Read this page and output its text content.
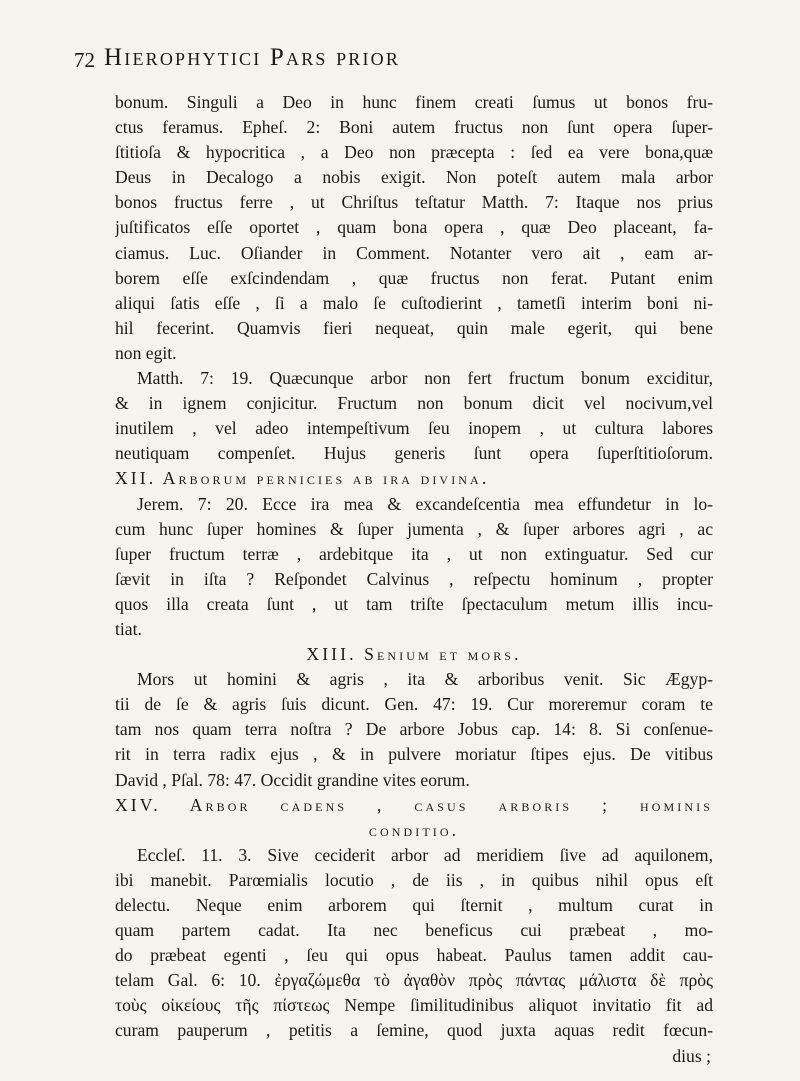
72 Hierophytici Pars prior
bonum. Singuli a Deo in hunc finem creati ſumus ut bonos fru-
ctus feramus. Epheſ. 2: Boni autem fructus non ſunt opera ſuper-
ſtitioſa & hypocritica , a Deo non præcepta : ſed ea vere bona,quæ
Deus in Decalogo a nobis exigit. Non poteſt autem mala arbor
bonos fructus ferre , ut Chriſtus teſtatur Matth. 7: Itaque nos prius
juſtificatos eſſe oportet , quam bona opera , quæ Deo placeant, fa-
ciamus. Luc. Oſiander in Comment. Notanter vero ait , eam ar-
borem eſſe exſcindendam , quæ fructus non ferat. Putant enim
aliqui ſatis eſſe , ſi a malo ſe cuſtodierint , tametſi interim boni ni-
hil fecerint. Quamvis fieri nequeat, quin male egerit, qui bene
non egit.
Matth. 7: 19. Quæcunque arbor non fert fructum bonum exciditur,
& in ignem conjicitur. Fructum non bonum dicit vel nocivum,vel
inutilem , vel adeo intempeſtivum ſeu inopem , ut cultura labores
neutiquam compenſet. Hujus generis ſunt opera ſuperſtitioſorum.
XII. Arborum pernicies ab ira divina.
Jerem. 7: 20. Ecce ira mea & excandeſcentia mea effundetur in lo-
cum hunc ſuper homines & ſuper jumenta , & ſuper arbores agri , ac
ſuper fructum terræ , ardebitque ita , ut non extinguatur. Sed cur
ſævit in iſta ? Reſpondet Calvinus , reſpectu hominum , propter
quos illa creata ſunt , ut tam triſte ſpectaculum metum illis incu-
tiat.
XIII. Senium et mors.
Mors ut homini & agris , ita & arboribus venit. Sic Ægyp-
tii de ſe & agris ſuis dicunt. Gen. 47: 19. Cur moreremur coram te
tam nos quam terra noſtra ? De arbore Jobus cap. 14: 8. Si conſenue-
rit in terra radix ejus , & in pulvere moriatur ſtipes ejus. De vitibus
David , Pſal. 78: 47. Occidit grandine vites eorum.
XIV. Arbor cadens , casus arboris ; hominis
conditio.
Eccleſ. 11. 3. Sive ceciderit arbor ad meridiem ſive ad aquilonem,
ibi manebit. Parœmialis locutio , de iis , in quibus nihil opus eſt
delectu. Neque enim arborem qui ſternit , multum curat in
quam partem cadat. Ita nec beneficus cui præbeat , mo-
do præbeat egenti , ſeu qui opus habeat. Paulus tamen addit cau-
telam Gal. 6: 10. ἐργαζώμεθα τὸ ἀγαθὸν πρὸς πάντας μάλιστα δὲ πρὸς
τοὺς οἰκείους τῆς πίστεως Nempe ſimilitudinibus aliquot invitatio fit ad
curam pauperum , petitis a ſemine, quod juxta aquas redit fœcun-
dius ;
